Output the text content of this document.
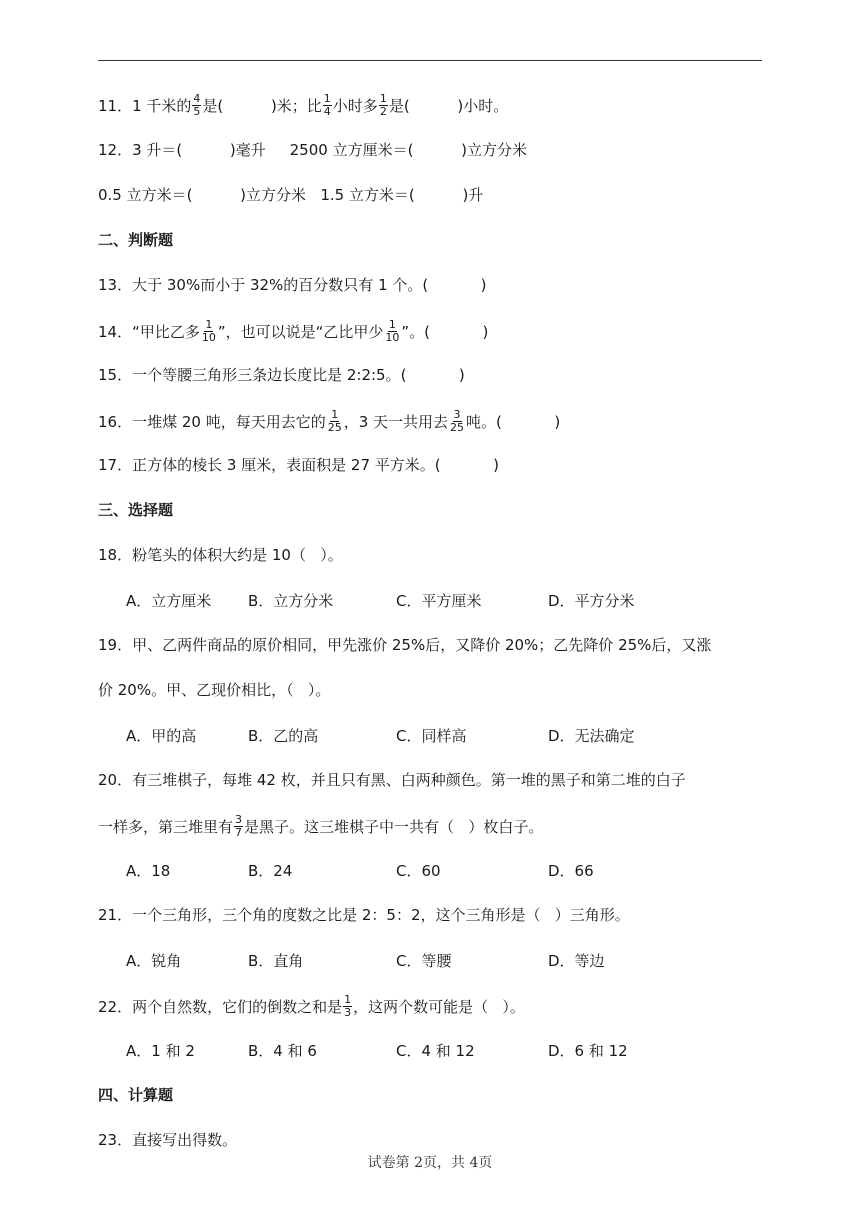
11．1 千米的 $\frac{4}{5}$ 是(          )米；比 $\frac{1}{4}$ 小时多 $\frac{1}{2}$ 是(          )小时。
12．3 升＝(          )毫升     2500 立方厘米＝(          )立方分米
0.5 立方米＝(          )立方分米   1.5 立方米＝(          )升
二、判断题
13．大于 30%而小于 32%的百分数只有 1 个。(           )
14．“甲比乙多 $\frac{1}{10}$ ”，也可以说是“乙比甲少 $\frac{1}{10}$ ”。(           )
15．一个等腰三角形三条边长度比是 2:2:5。(           )
16．一堆煤 20 吨，每天用去它的 $\frac{1}{25}$ ，3 天一共用去 $\frac{3}{25}$ 吨。(           )
17．正方体的棱长 3 厘米，表面积是 27 平方米。(           )
三、选择题
18．粉笔头的体积大约是 10（   ）。
A．立方厘米 B．立方分米	C．平方厘米	D．平方分米
19．甲、乙两件商品的原价相同，甲先涨价 25%后，又降价 20%；乙先降价 25%后，又涨
价 20%。甲、乙现价相比，（   ）。
A．甲的高	B．乙的高	C．同样高	D．无法确定
20．有三堆棋子，每堆 42 枚，并且只有黑、白两种颜色。第一堆的黑子和第二堆的白子
一样多，第三堆里有 $\frac{3}{7}$ 是黑子。这三堆棋子中一共有（   ）枚白子。
A．18	B．24	C．60	D．66
21．一个三角形，三个角的度数之比是 2：5：2，这个三角形是（   ）三角形。
A．锐角	B．直角	C．等腰	D．等边
22．两个自然数，它们的倒数之和是 $\frac{1}{3}$ ，这两个数可能是（   ）。
A．1 和 2	B．4 和 6	C．4 和 12	D．6 和 12
四、计算题
23．直接写出得数。
试卷第 2页，共 4页
